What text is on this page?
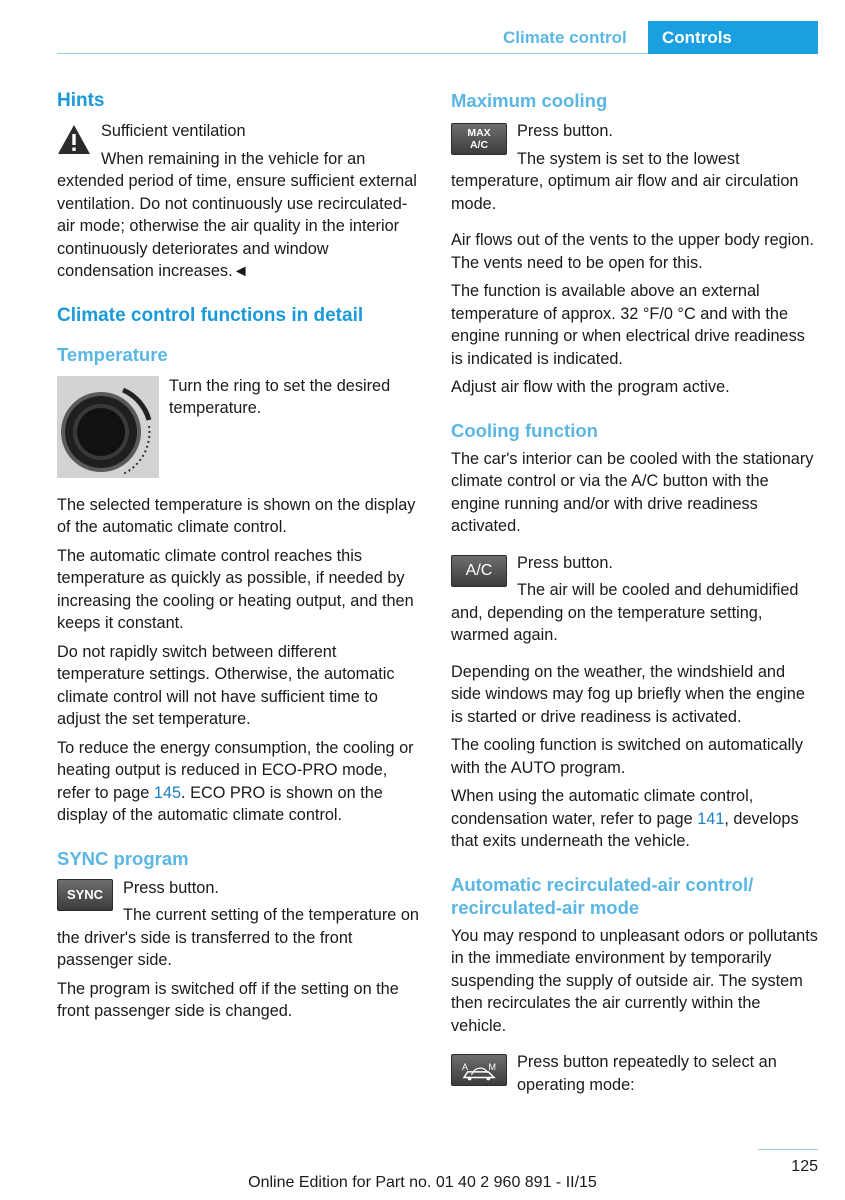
Climate control	Controls
Hints

Sufficient ventilation

When remaining in the vehicle for an extended period of time, ensure sufficient external ventilation. Do not continuously use recirculated-air mode; otherwise the air quality in the interior continuously deteriorates and window condensation increases.◄

Climate control functions in detail
Temperature

Turn the ring to set the desired temperature.

The selected temperature is shown on the display of the automatic climate control.

The automatic climate control reaches this temperature as quickly as possible, if needed by increasing the cooling or heating output, and then keeps it constant.

Do not rapidly switch between different temperature settings. Otherwise, the automatic climate control will not have sufficient time to adjust the set temperature.

To reduce the energy consumption, the cooling or heating output is reduced in ECO-PRO mode, refer to page 145. ECO PRO is shown on the display of the automatic climate control.

SYNC program
SYNC	Press button.

The current setting of the temperature on the driver's side is transferred to the front passenger side.

The program is switched off if the setting on the front passenger side is changed.

Maximum cooling
MAX
A/C

Press button.

The system is set to the lowest temperature, optimum air flow and air circulation mode.

Air flows out of the vents to the upper body region. The vents need to be open for this.

The function is available above an external temperature of approx. 32 °F/0 °C and with the engine running or when electrical drive readiness is indicated is indicated.

Adjust air flow with the program active.

Cooling function

The car's interior can be cooled with the stationary climate control or via the A/C button with the engine running and/or with drive readiness activated.

A/C	Press button.

The air will be cooled and dehumidified and, depending on the temperature setting, warmed again.

Depending on the weather, the windshield and side windows may fog up briefly when the engine is started or drive readiness is activated.

The cooling function is switched on automatically with the AUTO program.

When using the automatic climate control, condensation water, refer to page 141, develops that exits underneath the vehicle.

Automatic recirculated-air control/ recirculated-air mode

You may respond to unpleasant odors or pollutants in the immediate environment by temporarily suspending the supply of outside air. The system then recirculates the air currently within the vehicle.

A M	Press button repeatedly to select an operating mode:

125
Online Edition for Part no. 01 40 2 960 891 - II/15
